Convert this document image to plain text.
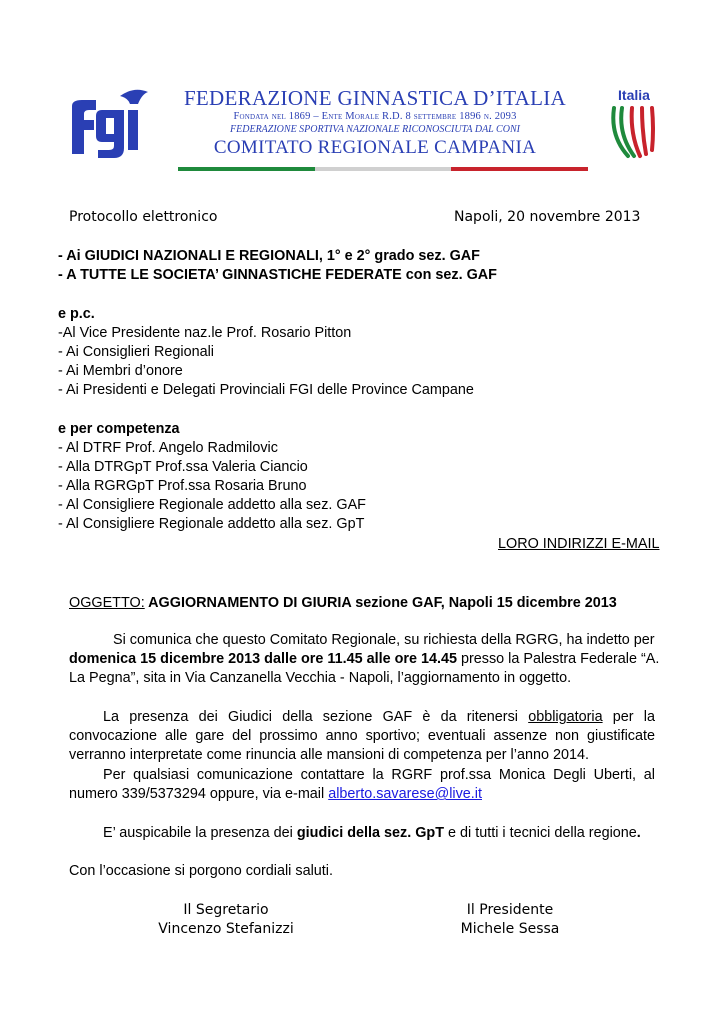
FEDERAZIONE GINNASTICA D’ITALIA
Fondata nel 1869 – Ente Morale R.D. 8 settembre 1896 n. 2093
FEDERAZIONE SPORTIVA NAZIONALE RICONOSCIUTA DAL CONI
COMITATO REGIONALE CAMPANIA
Italia
Protocollo elettronico	Napoli, 20 novembre 2013
- Ai GIUDICI NAZIONALI E REGIONALI, 1° e 2° grado sez. GAF
- A TUTTE LE SOCIETA’ GINNASTICHE FEDERATE con sez. GAF
e p.c.
-Al Vice Presidente naz.le Prof. Rosario Pitton
- Ai Consiglieri Regionali
- Ai Membri d’onore
- Ai Presidenti e Delegati Provinciali FGI delle Province Campane
e per competenza
- Al DTRF Prof. Angelo Radmilovic
- Alla DTRGpT Prof.ssa Valeria Ciancio
- Alla RGRGpT Prof.ssa Rosaria Bruno
- Al Consigliere Regionale addetto alla sez. GAF
- Al Consigliere Regionale addetto alla sez. GpT
LORO INDIRIZZI E-MAIL
OGGETTO: AGGIORNAMENTO DI GIURIA sezione GAF, Napoli 15 dicembre 2013
Si comunica che questo Comitato Regionale, su richiesta della RGRG, ha indetto per
domenica 15 dicembre 2013 dalle ore 11.45 alle ore 14.45 presso la Palestra Federale “A.
La Pegna”, sita in Via Canzanella Vecchia - Napoli, l’aggiornamento in oggetto.
La presenza dei Giudici della sezione GAF è da ritenersi obbligatoria per la
convocazione alle gare del prossimo anno sportivo; eventuali assenze non giustificate
verranno interpretate come rinuncia alle mansioni di competenza per l’anno 2014.
Per qualsiasi comunicazione contattare la RGRF prof.ssa Monica Degli Uberti, al
numero 339/5373294 oppure, via e-mail alberto.savarese@live.it
E’ auspicabile la presenza dei giudici della sez. GpT e di tutti i tecnici della regione.
Con l’occasione si porgono cordiali saluti.
Il Segretario
Vincenzo Stefanizzi
Il Presidente
Michele Sessa
